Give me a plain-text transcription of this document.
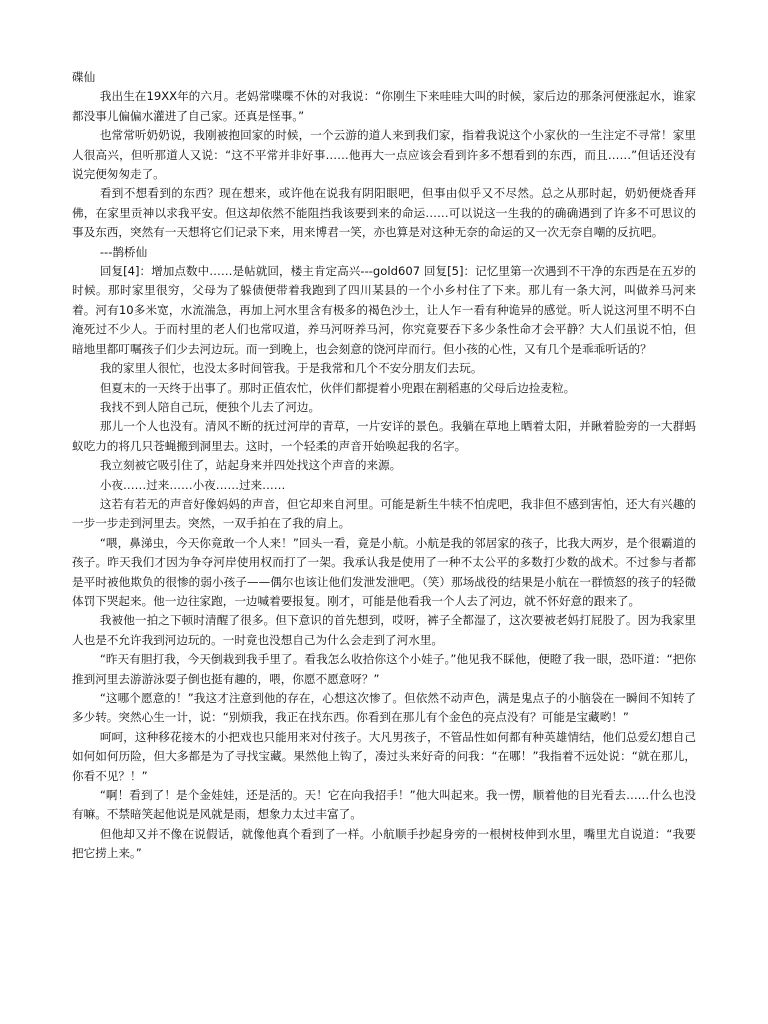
碟仙

我出生在19XX年的六月。老妈常喋喋不休的对我说：“你刚生下来哇哇大叫的时候，家后边的那条河便涨起水，谁家都没事儿偏偏水灌进了自己家。还真是怪事。”

也常常听奶奶说，我刚被抱回家的时候，一个云游的道人来到我们家，指着我说这个小家伙的一生注定不寻常！家里人很高兴，但听那道人又说：“这不平常并非好事……他再大一点应该会看到许多不想看到的东西，而且……”但话还没有说完便匆匆走了。

看到不想看到的东西？现在想来，或许他在说我有阴阳眼吧，但事由似乎又不尽然。总之从那时起，奶奶便烧香拜佛，在家里贡神以求我平安。但这却依然不能阻挡我该要到来的命运……可以说这一生我的的确确遇到了许多不可思议的事及东西，突然有一天想将它们记录下来，用来博君一笑，亦也算是对这种无奈的命运的又一次无奈自嘲的反抗吧。

---鹊桥仙

回复[4]：增加点数中……是帖就回，楼主肯定高兴---gold607 回复[5]：记忆里第一次遇到不干净的东西是在五岁的时候。那时家里很穷，父母为了躲债便带着我跑到了四川某县的一个小乡村住了下来。那儿有一条大河，叫做养马河来着。河有10多米宽，水流湍急，再加上河水里含有极多的褐色沙土，让人乍一看有种诡异的感觉。听人说这河里不明不白淹死过不少人。于而村里的老人们也常叹道，养马河呀养马河，你究竟要吞下多少条性命才会平静？大人们虽说不怕，但暗地里都叮嘱孩子们少去河边玩。而一到晚上，也会刻意的饶河岸而行。但小孩的心性，又有几个是乖乖听话的？

我的家里人很忙，也没太多时间管我。于是我常和几个不安分朋友们去玩。

但夏末的一天终于出事了。那时正值农忙，伙伴们都提着小兜跟在割稻惠的父母后边捡麦粒。

我找不到人陪自己玩，便独个儿去了河边。

那儿一个人也没有。清风不断的抚过河岸的青草，一片安详的景色。我躺在草地上晒着太阳，并瞅着脸旁的一大群蚂蚁吃力的将几只苍蝇搬到洞里去。这时，一个轻柔的声音开始唤起我的名字。

我立刻被它吸引住了，站起身来并四处找这个声音的来源。

小夜……过来……小夜……过来……

这若有若无的声音好像妈妈的声音，但它却来自河里。可能是新生牛犊不怕虎吧，我非但不感到害怕，还大有兴趣的一步一步走到河里去。突然，一双手拍在了我的肩上。

“喂，鼻涕虫，今天你竟敢一个人来！”回头一看，竟是小航。小航是我的邻居家的孩子，比我大两岁，是个很霸道的孩子。昨天我们才因为争夺河岸使用权而打了一架。我承认我是使用了一种不太公平的多数打少数的战术。不过参与者都是平时被他欺负的很惨的弱小孩子——偶尔也该让他们发泄发泄吧。（笑）那场战役的结果是小航在一群愤怒的孩子的轻微体罚下哭起来。他一边往家跑，一边喊着要报复。刚才，可能是他看我一个人去了河边，就不怀好意的跟来了。

我被他一拍之下顿时清醒了很多。但下意识的首先想到，哎呀，裤子全都湿了，这次要被老妈打屁股了。因为我家里人也是不允许我到河边玩的。一时竟也没想自己为什么会走到了河水里。

“昨天有胆打我，今天倒栽到我手里了。看我怎么收拾你这个小娃子。”他见我不睬他，便瞪了我一眼，恐吓道：“把你推到河里去游游泳耍子倒也挺有趣的，喂，你愿不愿意呀？”

“这哪个愿意的！”我这才注意到他的存在，心想这次惨了。但依然不动声色，满是鬼点子的小脑袋在一瞬间不知转了多少转。突然心生一计，说：“别烦我，我正在找东西。你看到在那儿有个金色的亮点没有？可能是宝藏哟！”

呵呵，这种移花接木的小把戏也只能用来对付孩子。大凡男孩子，不管品性如何都有种英雄情结，他们总爱幻想自己如何如何历险，但大多都是为了寻找宝藏。果然他上钩了，凑过头来好奇的问我：“在哪！”我指着不远处说：“就在那儿，你看不见？！”

“啊！看到了！是个金娃娃，还是活的。天！它在向我招手！”他大叫起来。我一愣，顺着他的目光看去……什么也没有嘛。不禁暗笑起他说是风就是雨，想象力太过丰富了。

但他却又并不像在说假话，就像他真个看到了一样。小航顺手抄起身旁的一根树枝伸到水里，嘴里尤自说道：“我要把它捞上来。”
